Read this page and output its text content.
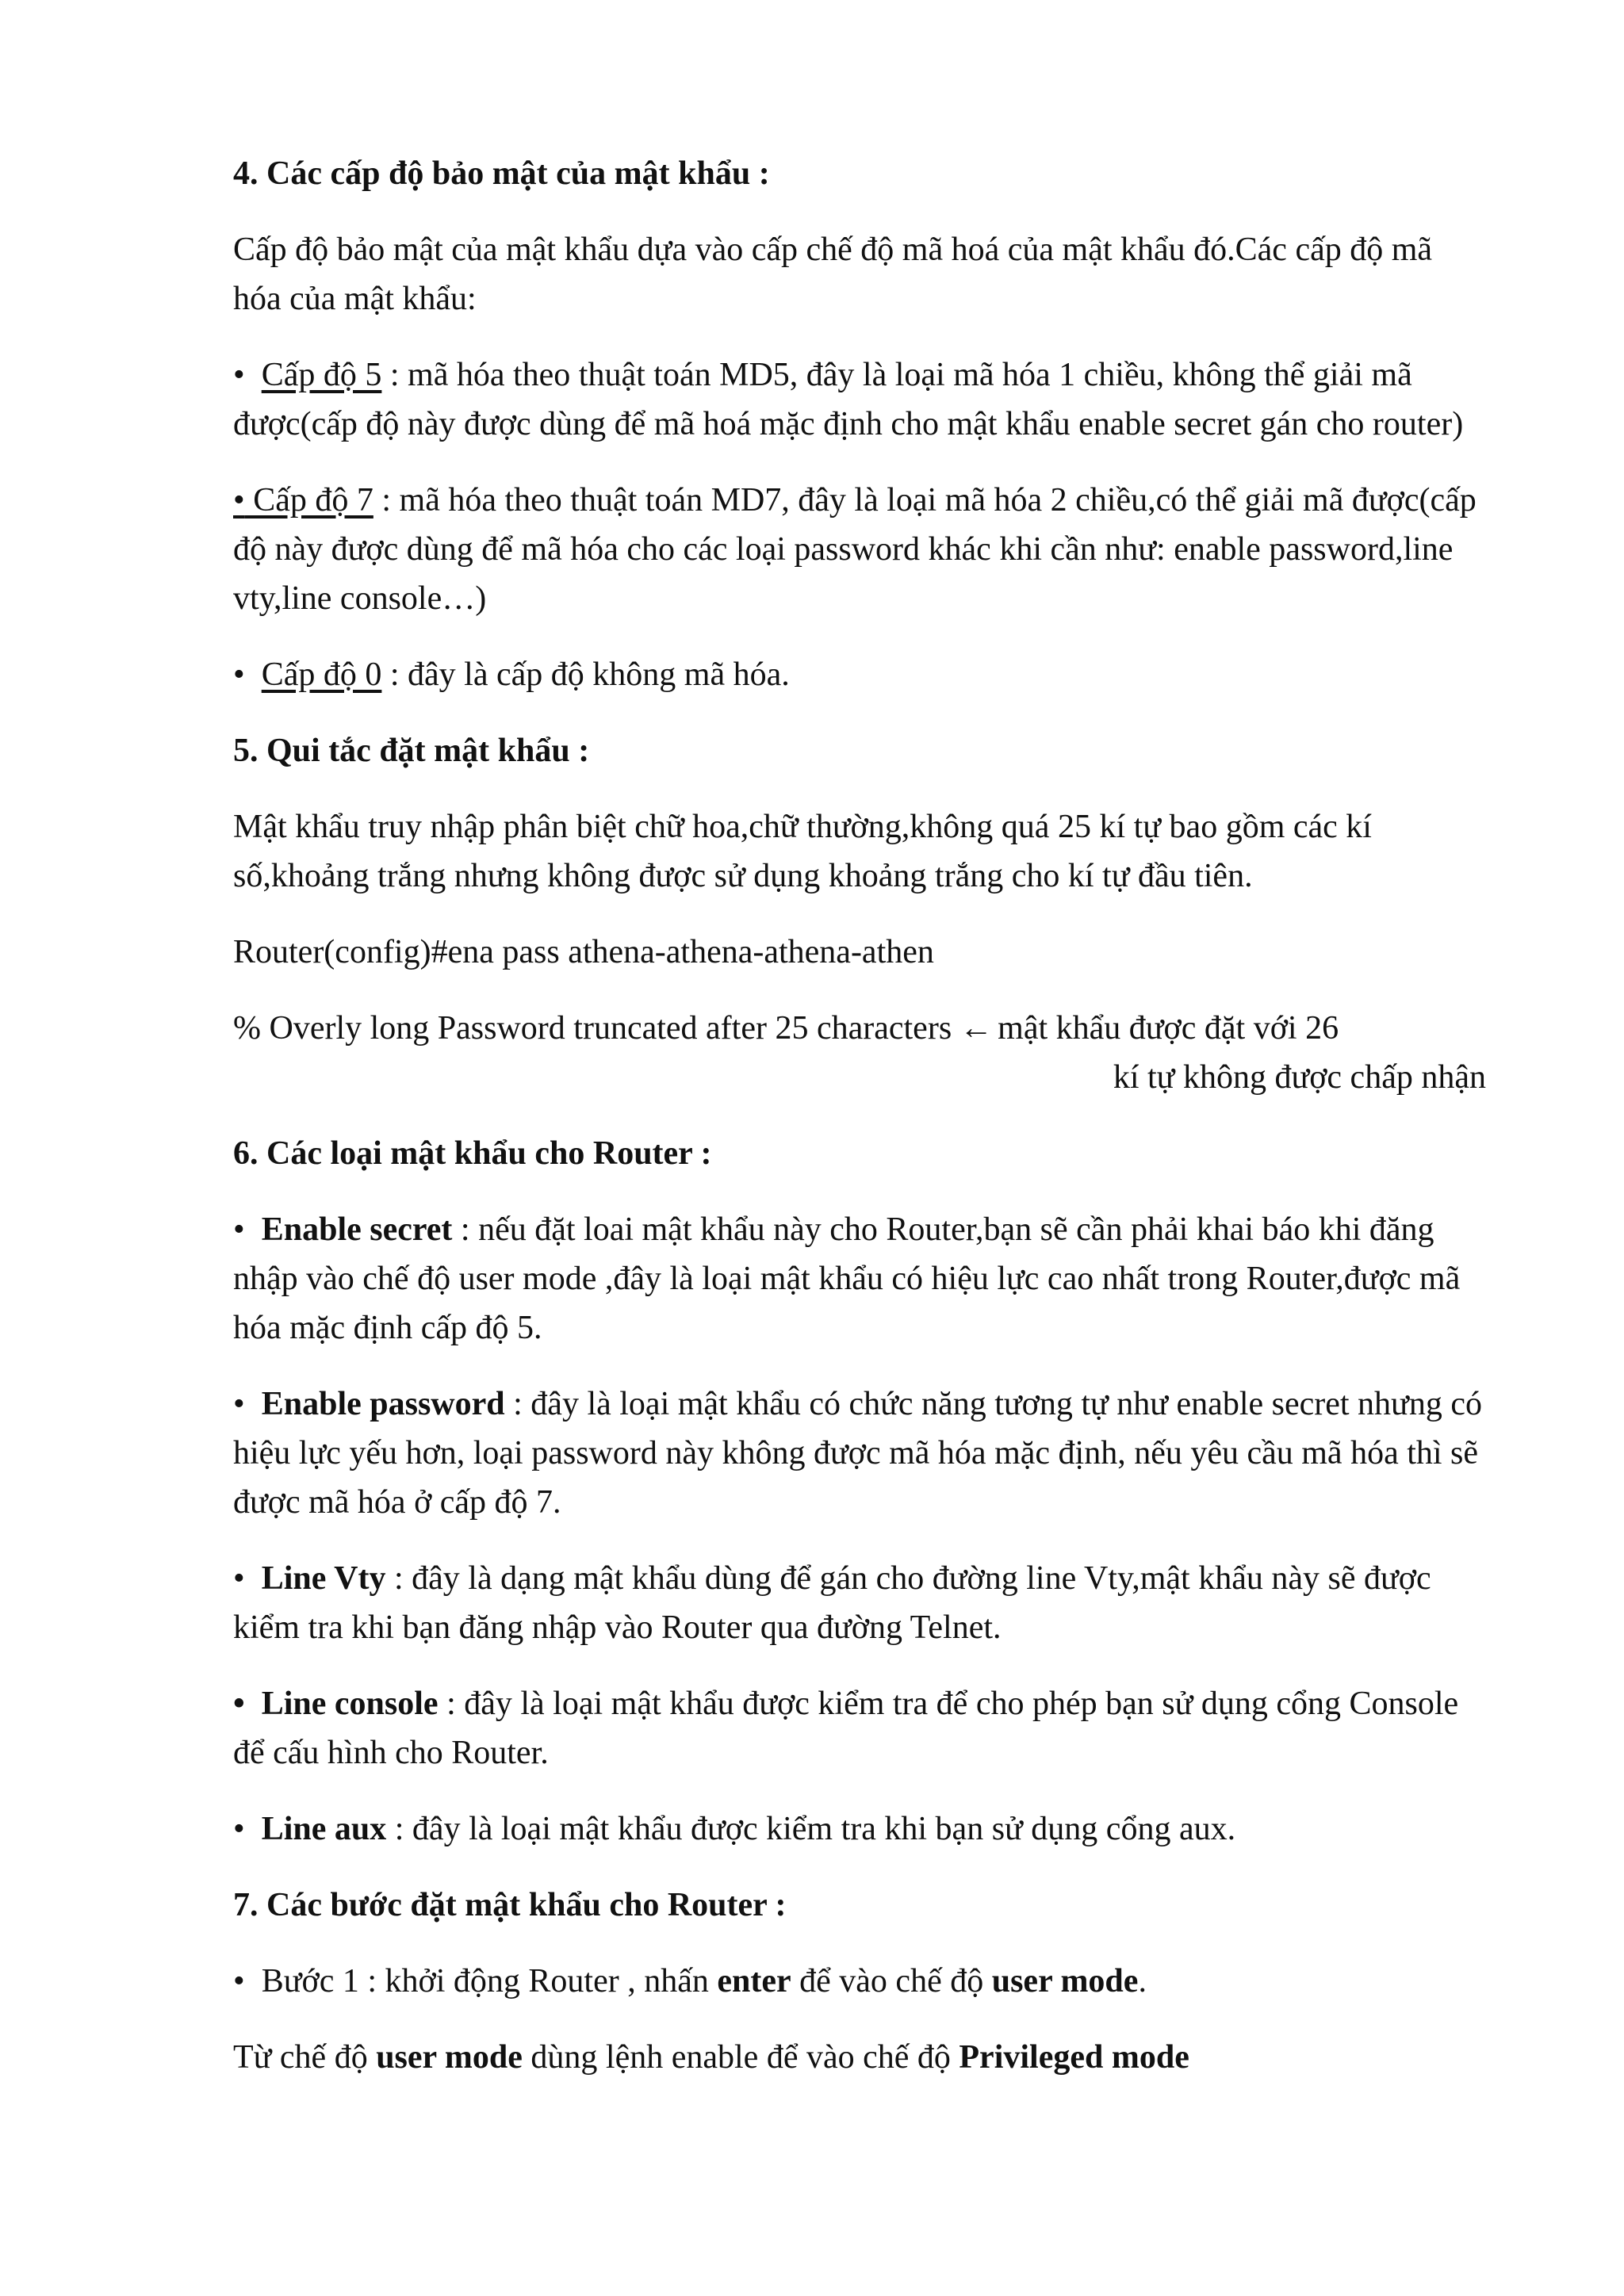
4. Các cấp độ bảo mật của mật khẩu :
Cấp độ bảo mật của mật khẩu dựa vào cấp chế độ mã hoá của mật khẩu đó.Các cấp độ mã hóa của mật khẩu:
• Cấp độ 5 : mã hóa theo thuật toán MD5, đây là loại mã hóa 1 chiều, không thể giải mã được(cấp độ này được dùng để mã hoá mặc định cho mật khẩu enable secret gán cho router)
• Cấp độ 7 : mã hóa theo thuật toán MD7, đây là loại mã hóa 2 chiều,có thể giải mã được(cấp độ này được dùng để mã hóa cho các loại password khác khi cần như: enable password,line vty,line console…)
• Cấp độ 0 : đây là cấp độ không mã hóa.
5. Qui tắc đặt mật khẩu :
Mật khẩu truy nhập phân biệt chữ hoa,chữ thường,không quá 25 kí tự bao gồm các kí số,khoảng trắng nhưng không được sử dụng khoảng trắng cho kí tự đầu tiên.
Router(config)#ena pass athena-athena-athena-athen
% Overly long Password truncated after 25 characters ← mật khẩu được đặt với 26
kí tự không được chấp nhận
6. Các loại mật khẩu cho Router :
• Enable secret : nếu đặt loai mật khẩu này cho Router,bạn sẽ cần phải khai báo khi đăng nhập vào chế độ user mode ,đây là loại mật khẩu có hiệu lực cao nhất trong Router,được mã hóa mặc định cấp độ 5.
• Enable password : đây là loại mật khẩu có chức năng tương tự như enable secret nhưng có hiệu lực yếu hơn, loại password này không được mã hóa mặc định, nếu yêu cầu mã hóa thì sẽ được mã hóa ở cấp độ 7.
• Line Vty : đây là dạng mật khẩu dùng để gán cho đường line Vty,mật khẩu này sẽ được kiểm tra khi bạn đăng nhập vào Router qua đường Telnet.
• Line console : đây là loại mật khẩu được kiểm tra để cho phép bạn sử dụng cổng Console để cấu hình cho Router.
• Line aux : đây là loại mật khẩu được kiểm tra khi bạn sử dụng cổng aux.
7. Các bước đặt mật khẩu cho Router :
• Bước 1 : khởi động Router , nhấn enter để vào chế độ user mode.
Từ chế độ user mode dùng lệnh enable để vào chế độ Privileged mode
